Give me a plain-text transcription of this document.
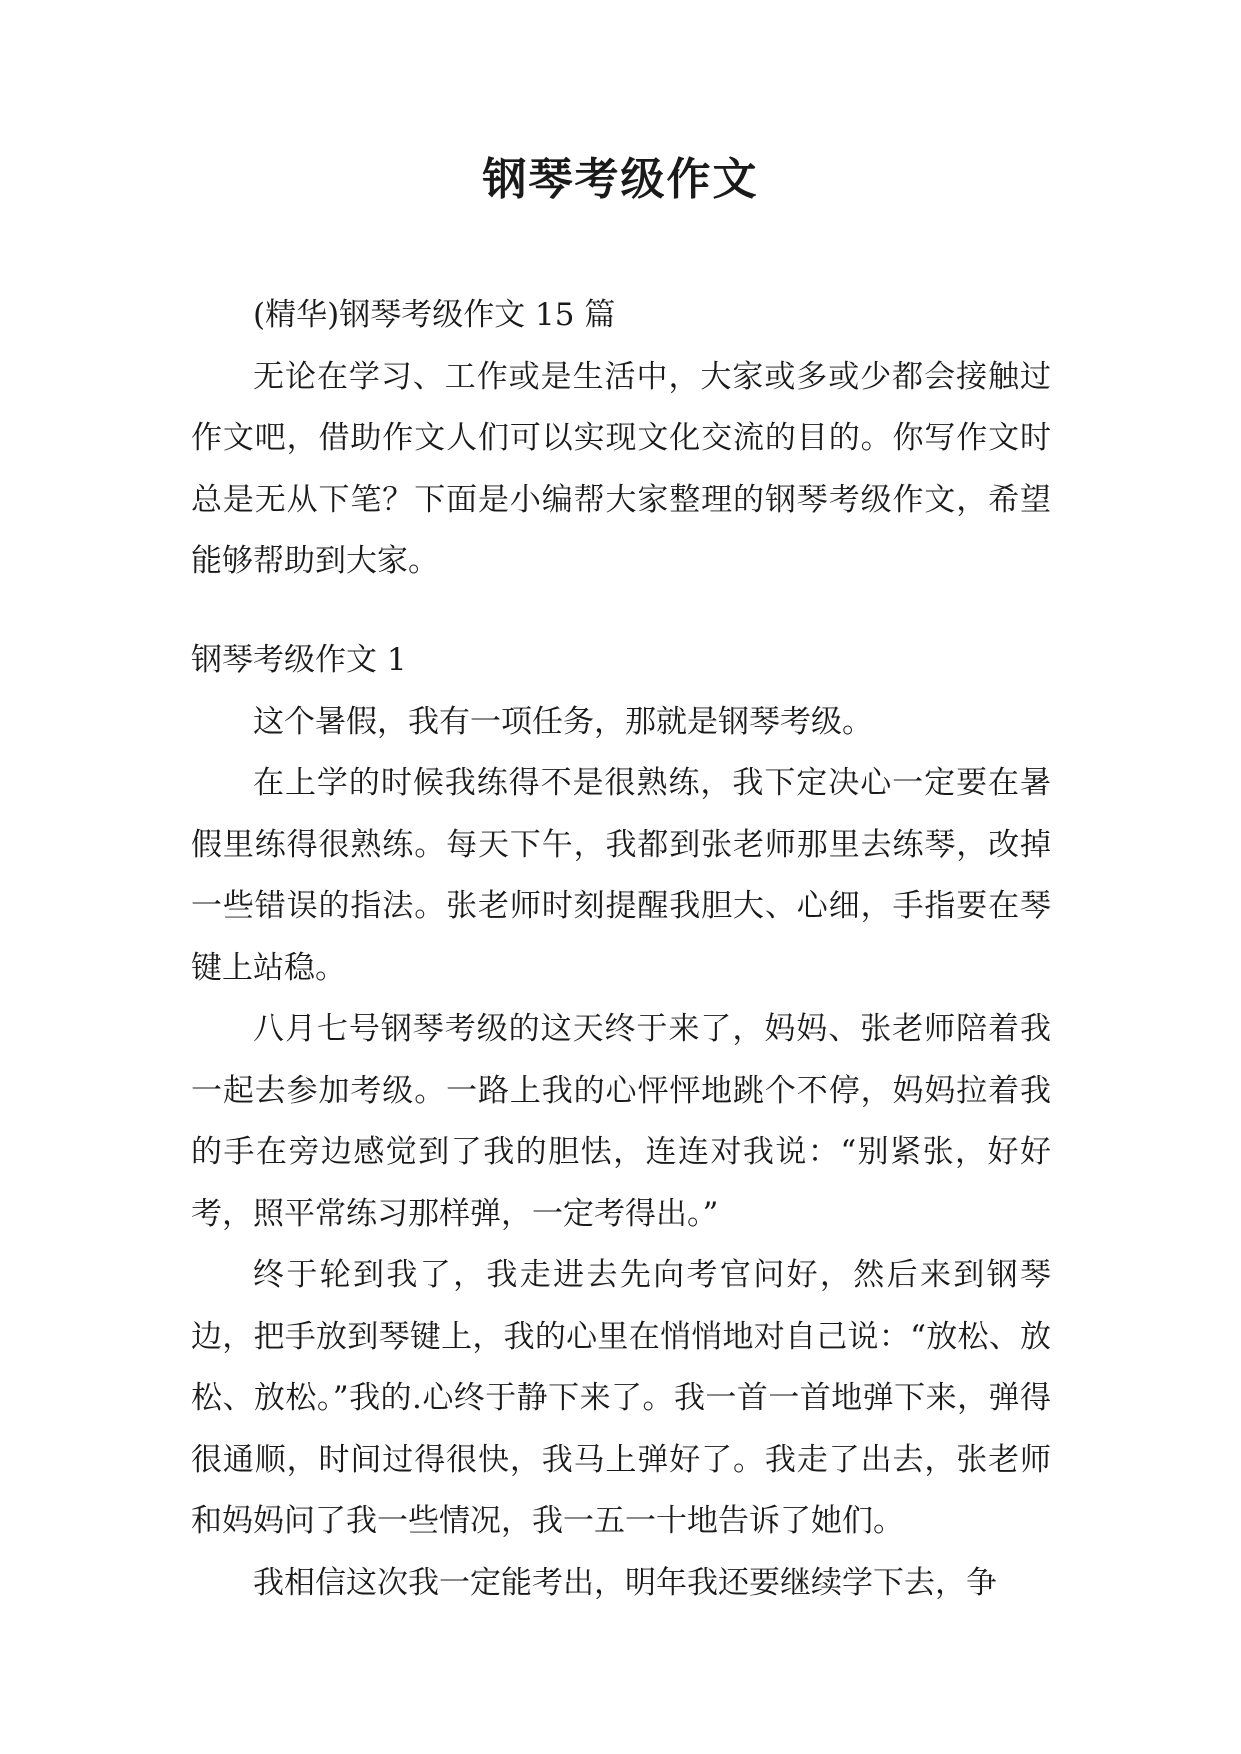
钢琴考级作文

(精华)钢琴考级作文 15 篇

无论在学习、工作或是生活中，大家或多或少都会接触过作文吧，借助作文人们可以实现文化交流的目的。你写作文时总是无从下笔？下面是小编帮大家整理的钢琴考级作文，希望能够帮助到大家。

钢琴考级作文 1

这个暑假，我有一项任务，那就是钢琴考级。

在上学的时候我练得不是很熟练，我下定决心一定要在暑假里练得很熟练。每天下午，我都到张老师那里去练琴，改掉一些错误的指法。张老师时刻提醒我胆大、心细，手指要在琴键上站稳。

八月七号钢琴考级的这天终于来了，妈妈、张老师陪着我一起去参加考级。一路上我的心怦怦地跳个不停，妈妈拉着我的手在旁边感觉到了我的胆怯，连连对我说：“别紧张，好好考，照平常练习那样弹，一定考得出。”

终于轮到我了，我走进去先向考官问好，然后来到钢琴边，把手放到琴键上，我的心里在悄悄地对自己说：“放松、放松、放松。”我的.心终于静下来了。我一首一首地弹下来，弹得很通顺，时间过得很快，我马上弹好了。我走了出去，张老师和妈妈问了我一些情况，我一五一十地告诉了她们。

我相信这次我一定能考出，明年我还要继续学下去，争
